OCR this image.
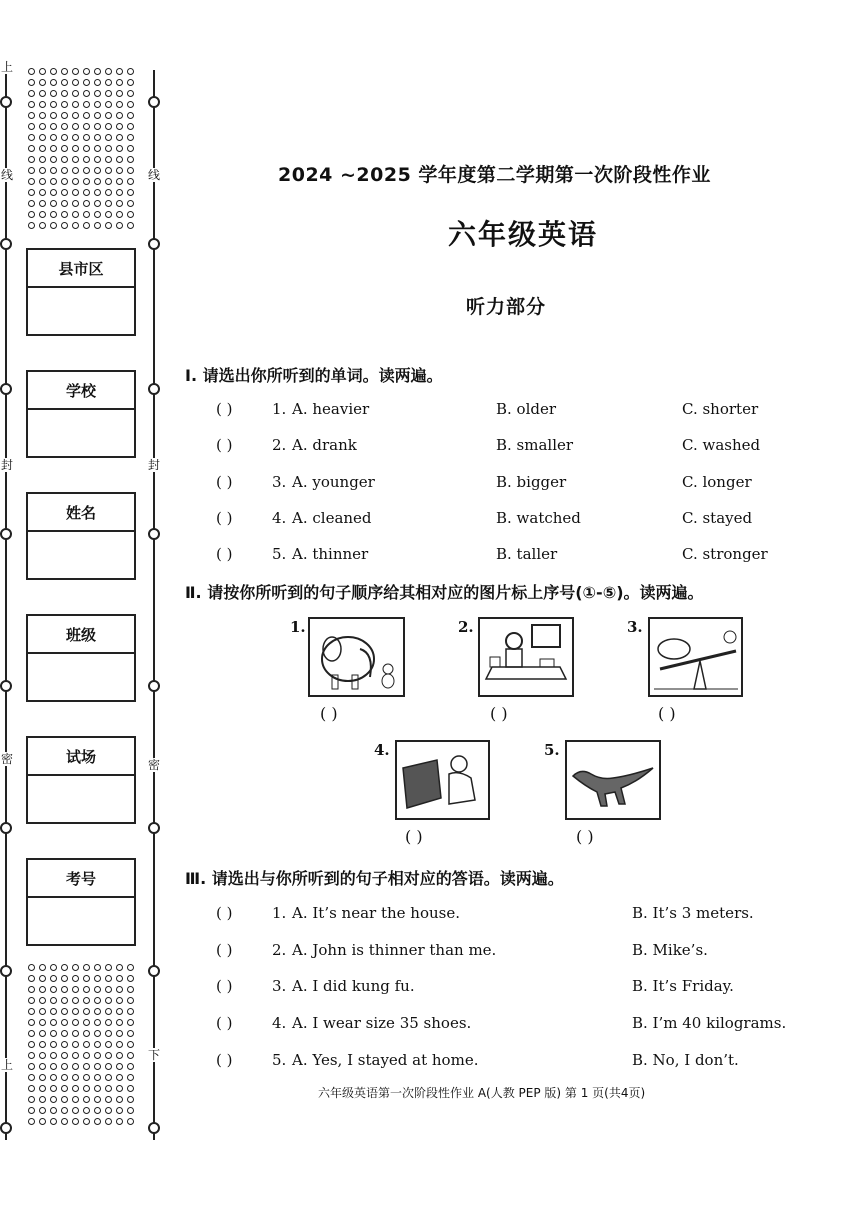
上
线
封
密
上
线
封
密
下
县市区
学校
姓名
班级
试场
考号
2024 ~2025 学年度第二学期第一次阶段性作业
六年级英语
听力部分
Ⅰ. 请选出你所听到的单词。读两遍。
( )	1. A. heavier	B. older	C. shorter
( )	2. A. drank	B. smaller	C. washed
( )	3. A. younger	B. bigger	C. longer
( )	4. A. cleaned	B. watched	C. stayed
( )	5. A. thinner	B. taller	C. stronger
Ⅱ. 请按你所听到的句子顺序给其相对应的图片标上序号(①-⑤)。读两遍。
1.
( )
2.
( )
3.
( )
4.
( )
5.
( )
Ⅲ. 请选出与你所听到的句子相对应的答语。读两遍。
( )	1. A. It’s near the house.	B. It’s 3 meters.
( )	2. A. John is thinner than me.	B. Mike’s.
( )	3. A. I did kung fu.	B. It’s Friday.
( )	4. A. I wear size 35 shoes.	B. I’m 40 kilograms.
( )	5. A. Yes, I stayed at home.	B. No, I don’t.
六年级英语第一次阶段性作业 A(人教 PEP 版) 第 1 页(共4页)
